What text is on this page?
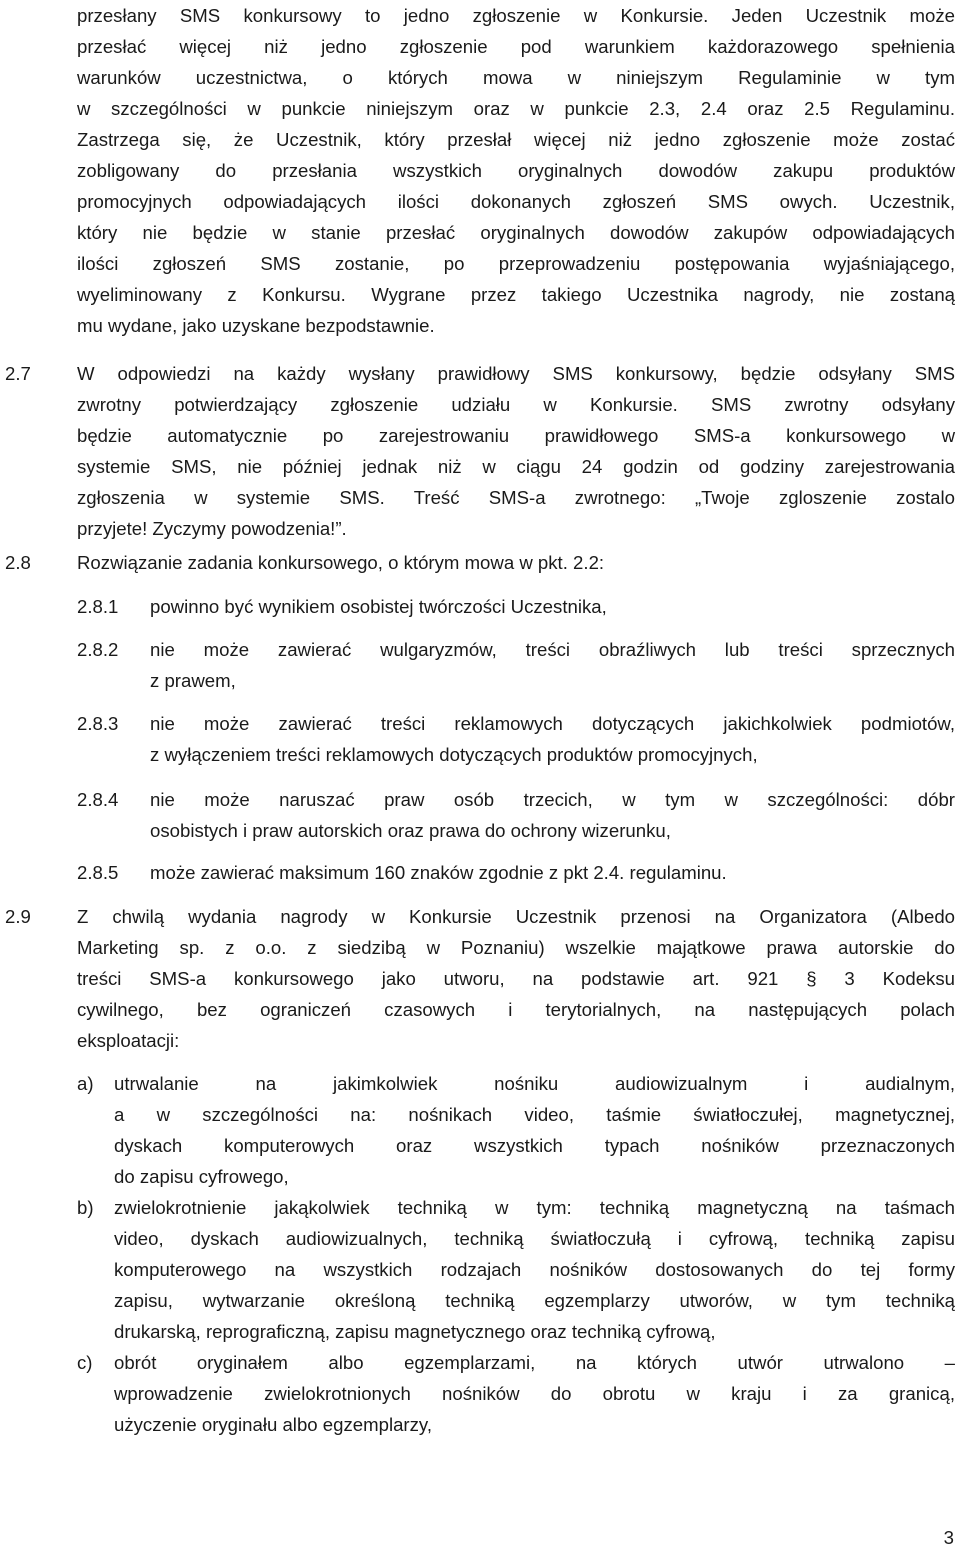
przesłany SMS konkursowy to jedno zgłoszenie w Konkursie. Jeden Uczestnik może
przesłać więcej niż jedno zgłoszenie pod warunkiem każdorazowego spełnienia
warunków uczestnictwa, o których mowa w niniejszym Regulaminie w tym
w szczególności w punkcie niniejszym oraz w punkcie 2.3, 2.4 oraz 2.5 Regulaminu.
Zastrzega się, że Uczestnik, który przesłał więcej niż jedno zgłoszenie może zostać
zobligowany do przesłania wszystkich oryginalnych dowodów zakupu produktów
promocyjnych odpowiadających ilości dokonanych zgłoszeń SMS owych. Uczestnik,
który nie będzie w stanie przesłać oryginalnych dowodów zakupów odpowiadających
ilości zgłoszeń SMS zostanie, po przeprowadzeniu postępowania wyjaśniającego,
wyeliminowany z Konkursu. Wygrane przez takiego Uczestnika nagrody, nie zostaną
mu wydane, jako uzyskane bezpodstawnie.
2.7 W odpowiedzi na każdy wysłany prawidłowy SMS konkursowy, będzie odsyłany SMS
zwrotny potwierdzający zgłoszenie udziału w Konkursie. SMS zwrotny odsyłany
będzie automatycznie po zarejestrowaniu prawidłowego SMS-a konkursowego w
systemie SMS, nie później jednak niż w ciągu 24 godzin od godziny zarejestrowania
zgłoszenia w systemie SMS. Treść SMS-a zwrotnego: „Twoje zgloszenie zostalo
przyjete! Zyczymy powodzenia!”.
2.8 Rozwiązanie zadania konkursowego, o którym mowa w pkt. 2.2:
2.8.1 powinno być wynikiem osobistej twórczości Uczestnika,
2.8.2 nie może zawierać wulgaryzmów, treści obraźliwych lub treści sprzecznych
z prawem,
2.8.3 nie może zawierać treści reklamowych dotyczących jakichkolwiek podmiotów,
z wyłączeniem treści reklamowych dotyczących produktów promocyjnych,
2.8.4 nie może naruszać praw osób trzecich, w tym w szczególności: dóbr
osobistych i praw autorskich oraz prawa do ochrony wizerunku,
2.8.5 może zawierać maksimum 160 znaków zgodnie z pkt 2.4. regulaminu.
2.9 Z chwilą wydania nagrody w Konkursie Uczestnik przenosi na Organizatora (Albedo
Marketing sp. z o.o. z siedzibą w Poznaniu) wszelkie majątkowe prawa autorskie do
treści SMS-a konkursowego jako utworu, na podstawie art. 921 § 3 Kodeksu
cywilnego, bez ograniczeń czasowych i terytorialnych, na następujących polach
eksploatacji:
a) utrwalanie na jakimkolwiek nośniku audiowizualnym i audialnym,
a w szczególności na: nośnikach video, taśmie światłoczułej, magnetycznej,
dyskach komputerowych oraz wszystkich typach nośników przeznaczonych
do zapisu cyfrowego,
b) zwielokrotnienie jakąkolwiek techniką w tym: techniką magnetyczną na taśmach
video, dyskach audiowizualnych, techniką światłoczułą i cyfrową, techniką zapisu
komputerowego na wszystkich rodzajach nośników dostosowanych do tej formy
zapisu, wytwarzanie określoną techniką egzemplarzy utworów, w tym techniką
drukarską, reprograficzną, zapisu magnetycznego oraz techniką cyfrową,
c) obrót oryginałem albo egzemplarzami, na których utwór utrwalono –
wprowadzenie zwielokrotnionych nośników do obrotu w kraju i za granicą,
użyczenie oryginału albo egzemplarzy,
3
